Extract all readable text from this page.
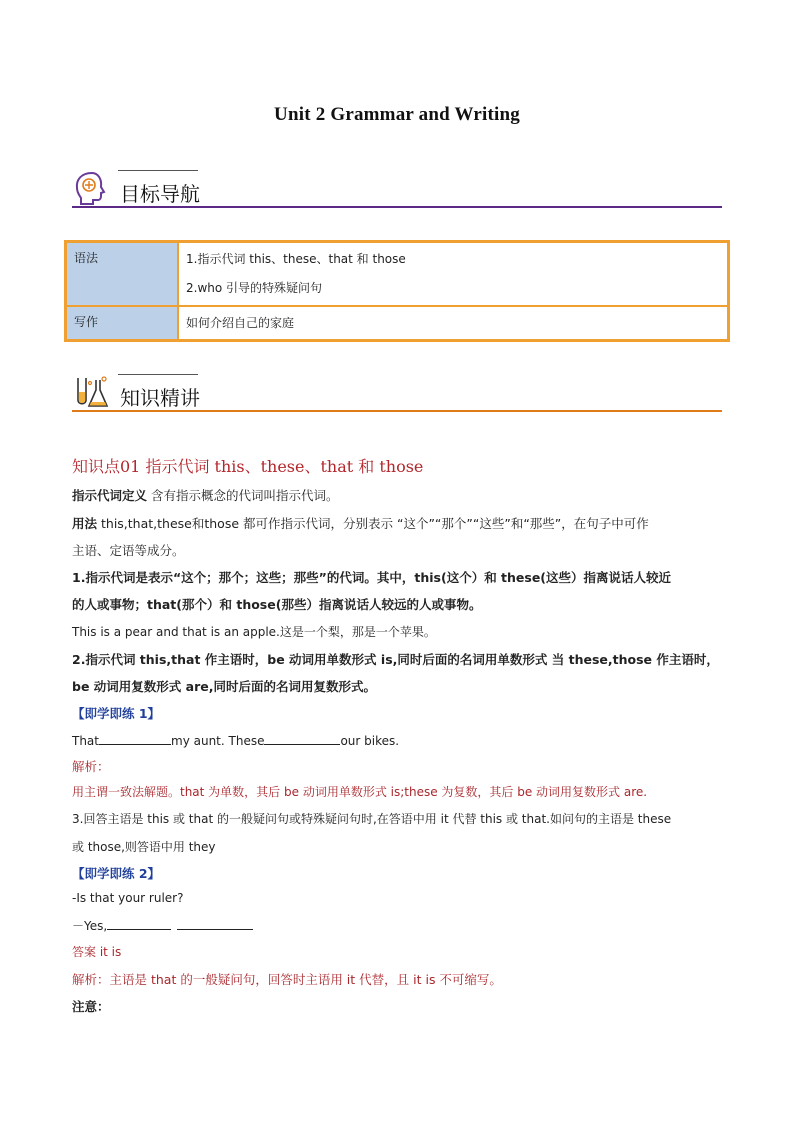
Unit 2 Grammar and Writing
目标导航
语法	1.指示代词 this、these、that 和 those
2.who 引导的特殊疑问句

写作	如何介绍自己的家庭
知识精讲
知识点01 指示代词 this、these、that 和 those
指示代词定义 含有指示概念的代词叫指示代词。
用法 this,that,these和those 都可作指示代词，分别表示 “这个”“那个”“这些”和“那些”，在句子中可作
主语、定语等成分。
1.指示代词是表示“这个；那个；这些；那些”的代词。其中，this(这个）和 these(这些）指离说话人较近
的人或事物；that(那个）和 those(那些）指离说话人较远的人或事物。
This is a pear and that is an apple.这是一个梨，那是一个苹果。
2.指示代词 this,that 作主语时，be 动词用单数形式 is,同时后面的名词用单数形式 当 these,those 作主语时，
be 动词用复数形式 are,同时后面的名词用复数形式。
【即学即练 1】
That	my aunt. These	our bikes.
解析：
用主谓一致法解题。that 为单数，其后 be 动词用单数形式 is;these 为复数，其后 be 动词用复数形式 are.
3.回答主语是 this 或 that 的一般疑问句或特殊疑问句时,在答语中用 it 代替 this 或 that.如问句的主语是 these
或 those,则答语中用 they
【即学即练 2】
-Is that your ruler?
－Yes,
答案 it is
解析：主语是 that 的一般疑问句，回答时主语用 it 代替，且 it is 不可缩写。
注意：
